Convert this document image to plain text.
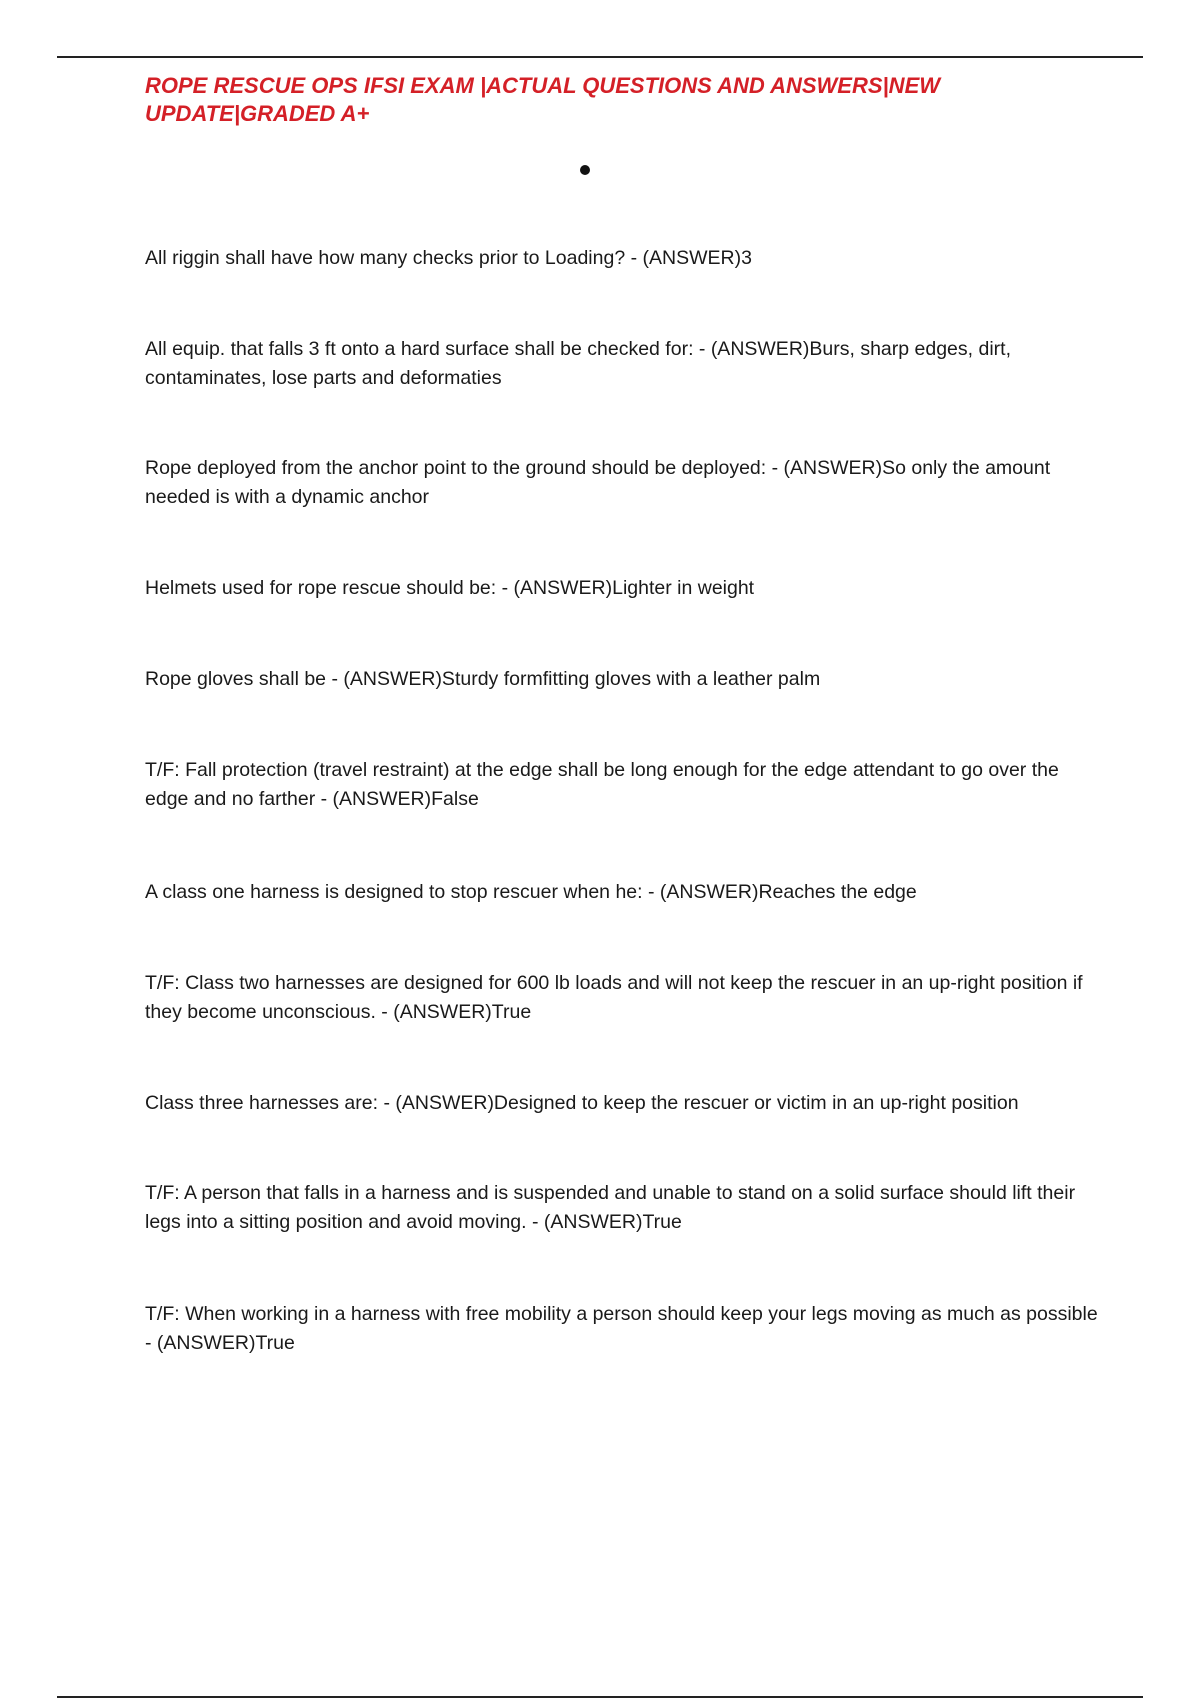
ROPE RESCUE OPS IFSI EXAM |ACTUAL QUESTIONS AND ANSWERS|NEW UPDATE|GRADED A+
All riggin shall have how many checks prior to Loading? - (ANSWER)3
All equip. that falls 3 ft onto a hard surface shall be checked for: - (ANSWER)Burs, sharp edges, dirt, contaminates, lose parts and deformaties
Rope deployed from the anchor point to the ground should be deployed: - (ANSWER)So only the amount needed is with a dynamic anchor
Helmets used for rope rescue should be: - (ANSWER)Lighter in weight
Rope gloves shall be - (ANSWER)Sturdy formfitting gloves with a leather palm
T/F: Fall protection (travel restraint) at the edge shall be long enough for the edge attendant to go over the edge and no farther - (ANSWER)False
A class one harness is designed to stop rescuer when he: - (ANSWER)Reaches the edge
T/F: Class two harnesses are designed for 600 lb loads and will not keep the rescuer in an up-right position if they become unconscious. - (ANSWER)True
Class three harnesses are: - (ANSWER)Designed to keep the rescuer or victim in an up-right position
T/F: A person that falls in a harness and is suspended and unable to stand on a solid surface should lift their legs into a sitting position and avoid moving. - (ANSWER)True
T/F: When working in a harness with free mobility a person should keep your legs moving as much as possible - (ANSWER)True
